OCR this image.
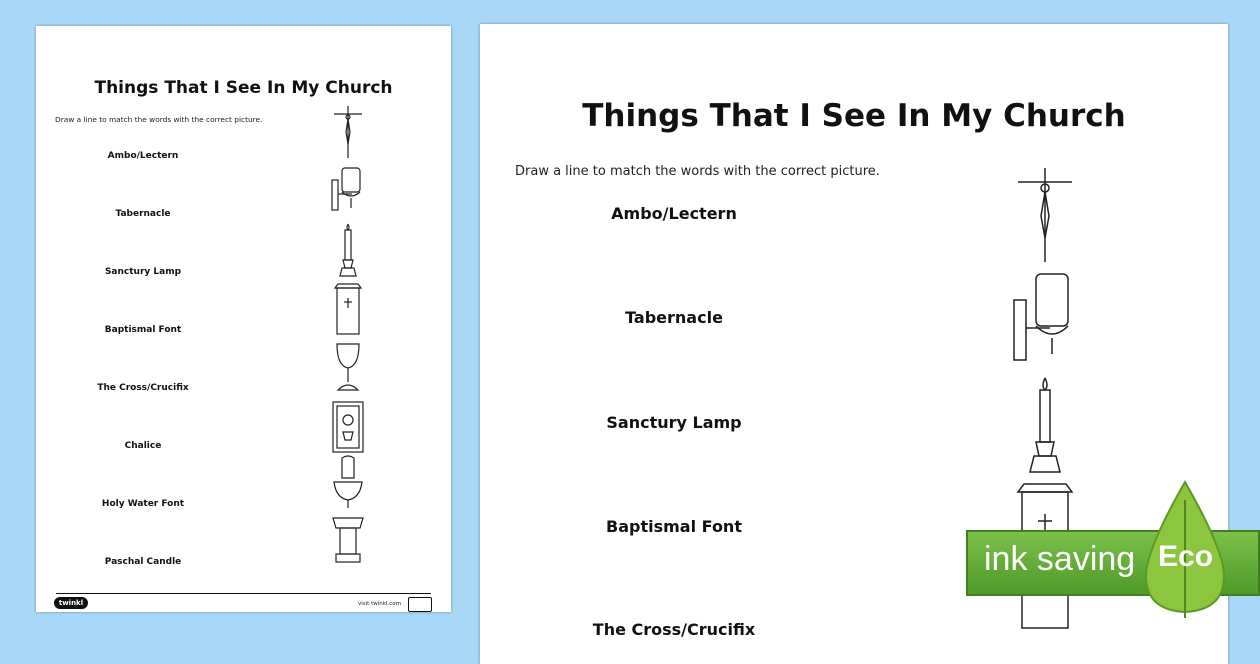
Things That I See In My Church
Draw a line to match the words with the correct picture.
Ambo/Lectern
Tabernacle
Sanctury Lamp
Baptismal Font
The Cross/Crucifix
Chalice
Holy Water Font
Paschal Candle
twinkl	visit twinkl.com
Things That I See In My Church
Draw a line to match the words with the correct picture.
Ambo/Lectern
Tabernacle
Sanctury Lamp
Baptismal Font
The Cross/Crucifix
ink saving Eco
